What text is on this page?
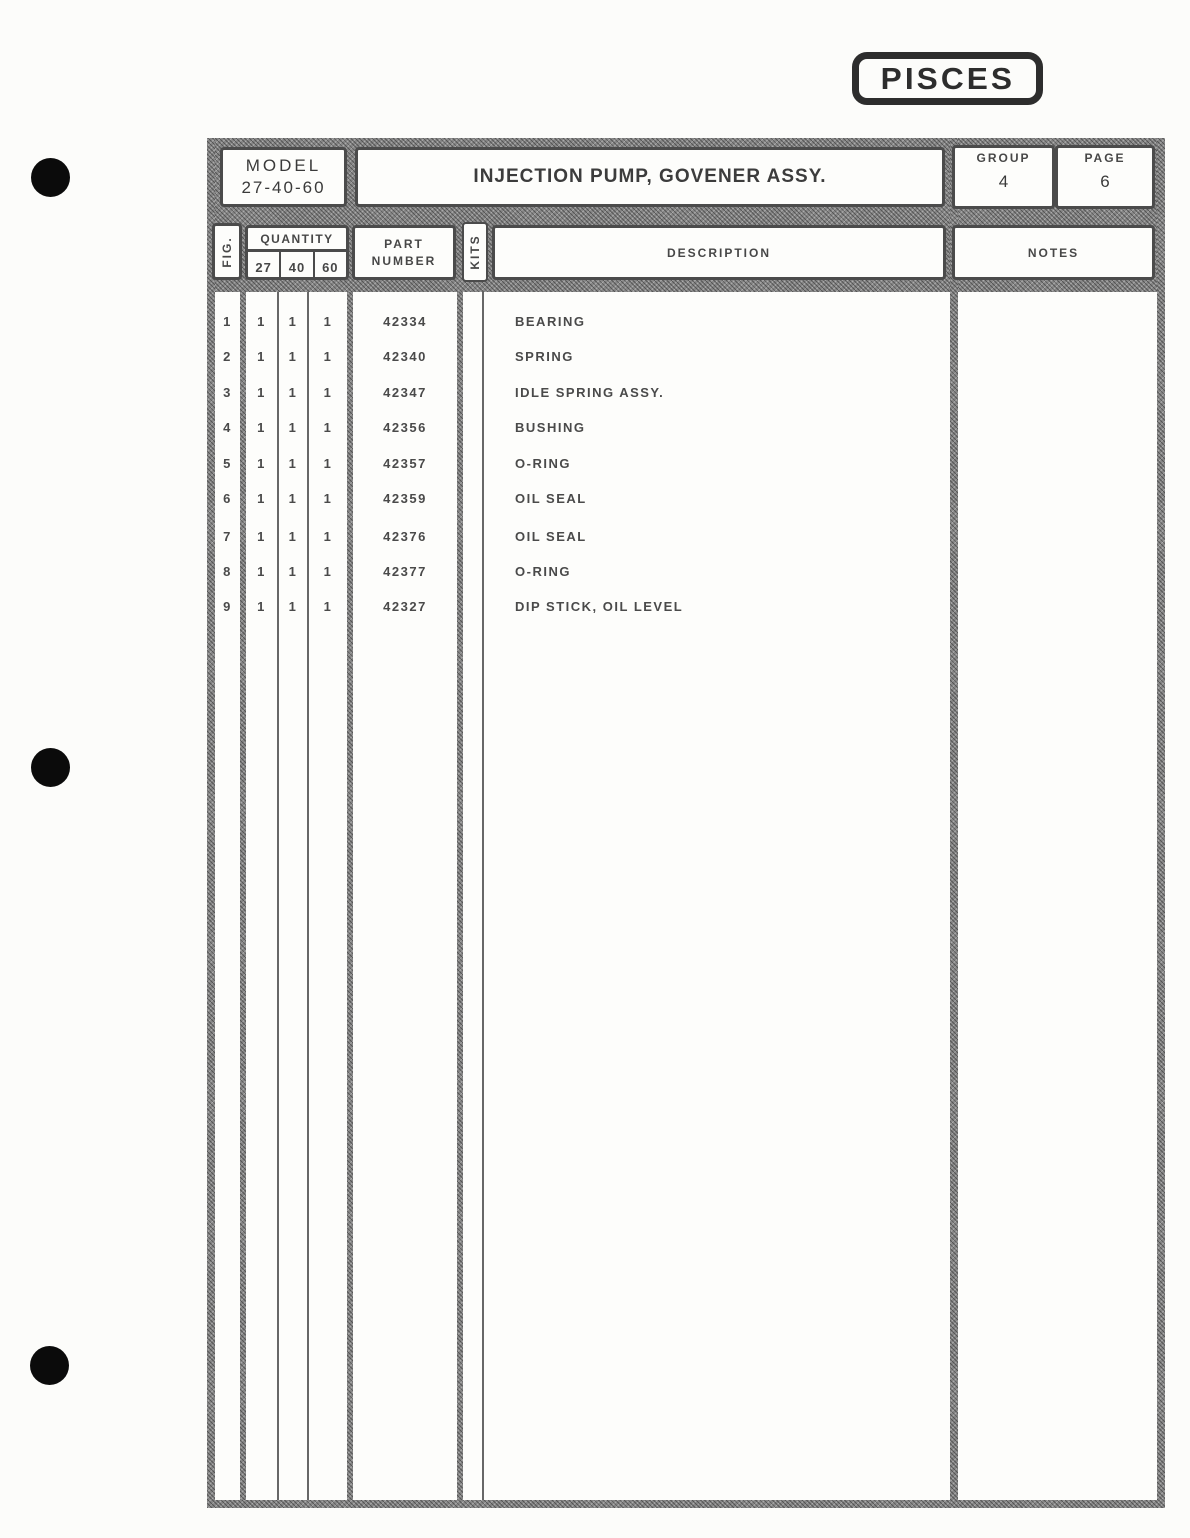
PISCES
MODEL
27-40-60
INJECTION PUMP, GOVENER ASSY.
GROUP
4
PAGE
6
FIG. QUANTITY
27	40	60
PART
NUMBER	KITS	DESCRIPTION	NOTES
1	1	1	1	42334	BEARING
2	1	1	1	42340	SPRING
3	1	1	1	42347	IDLE SPRING ASSY.
4	1	1	1	42356	BUSHING
5	1	1	1	42357	O-RING
6	1	1	1	42359	OIL SEAL
7	1	1	1	42376	OIL SEAL
8	1	1	1	42377	O-RING
9	1	1	1	42327	DIP STICK, OIL LEVEL
